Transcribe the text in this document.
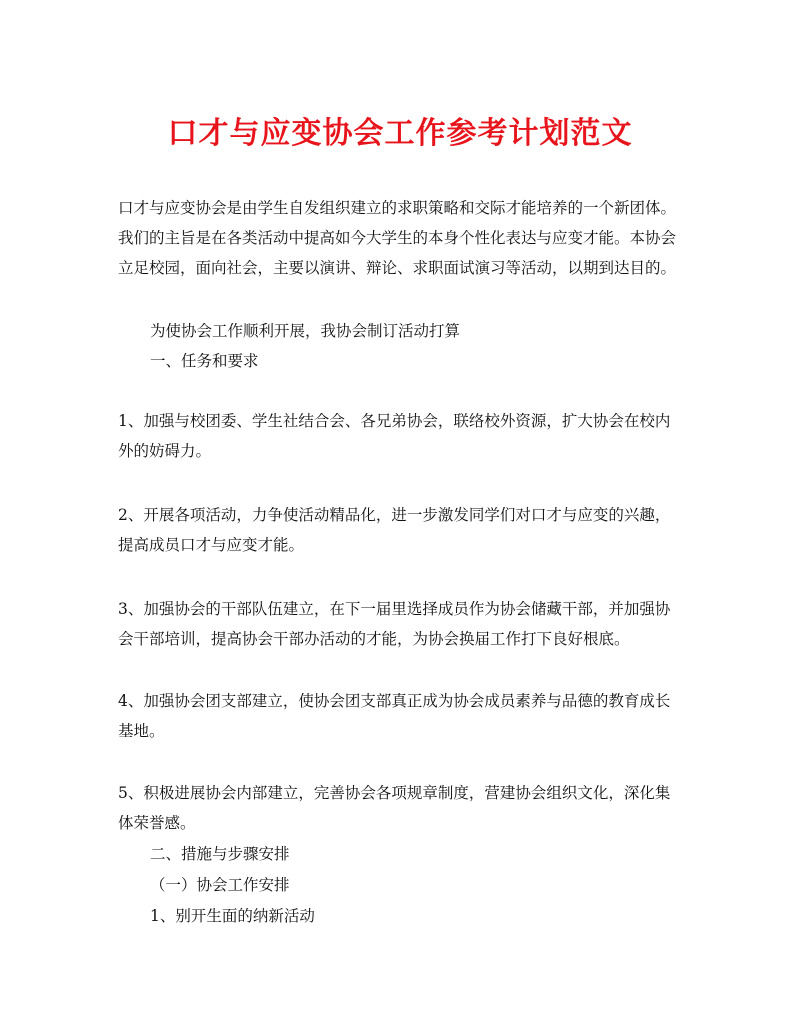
口才与应变协会工作参考计划范文

口才与应变协会是由学生自发组织建立的求职策略和交际才能培养的一个新团体。我们的主旨是在各类活动中提高如今大学生的本身个性化表达与应变才能。本协会立足校园，面向社会，主要以演讲、辩论、求职面试演习等活动，以期到达目的。

为使协会工作顺利开展，我协会制订活动打算

一、任务和要求

1、加强与校团委、学生社结合会、各兄弟协会，联络校外资源，扩大协会在校内外的妨碍力。

2、开展各项活动，力争使活动精品化，进一步激发同学们对口才与应变的兴趣，提高成员口才与应变才能。

3、加强协会的干部队伍建立，在下一届里选择成员作为协会储藏干部，并加强协会干部培训，提高协会干部办活动的才能，为协会换届工作打下良好根底。

4、加强协会团支部建立，使协会团支部真正成为协会成员素养与品德的教育成长基地。

5、积极进展协会内部建立，完善协会各项规章制度，营建协会组织文化，深化集体荣誉感。

二、措施与步骤安排

（一）协会工作安排

1、别开生面的纳新活动
